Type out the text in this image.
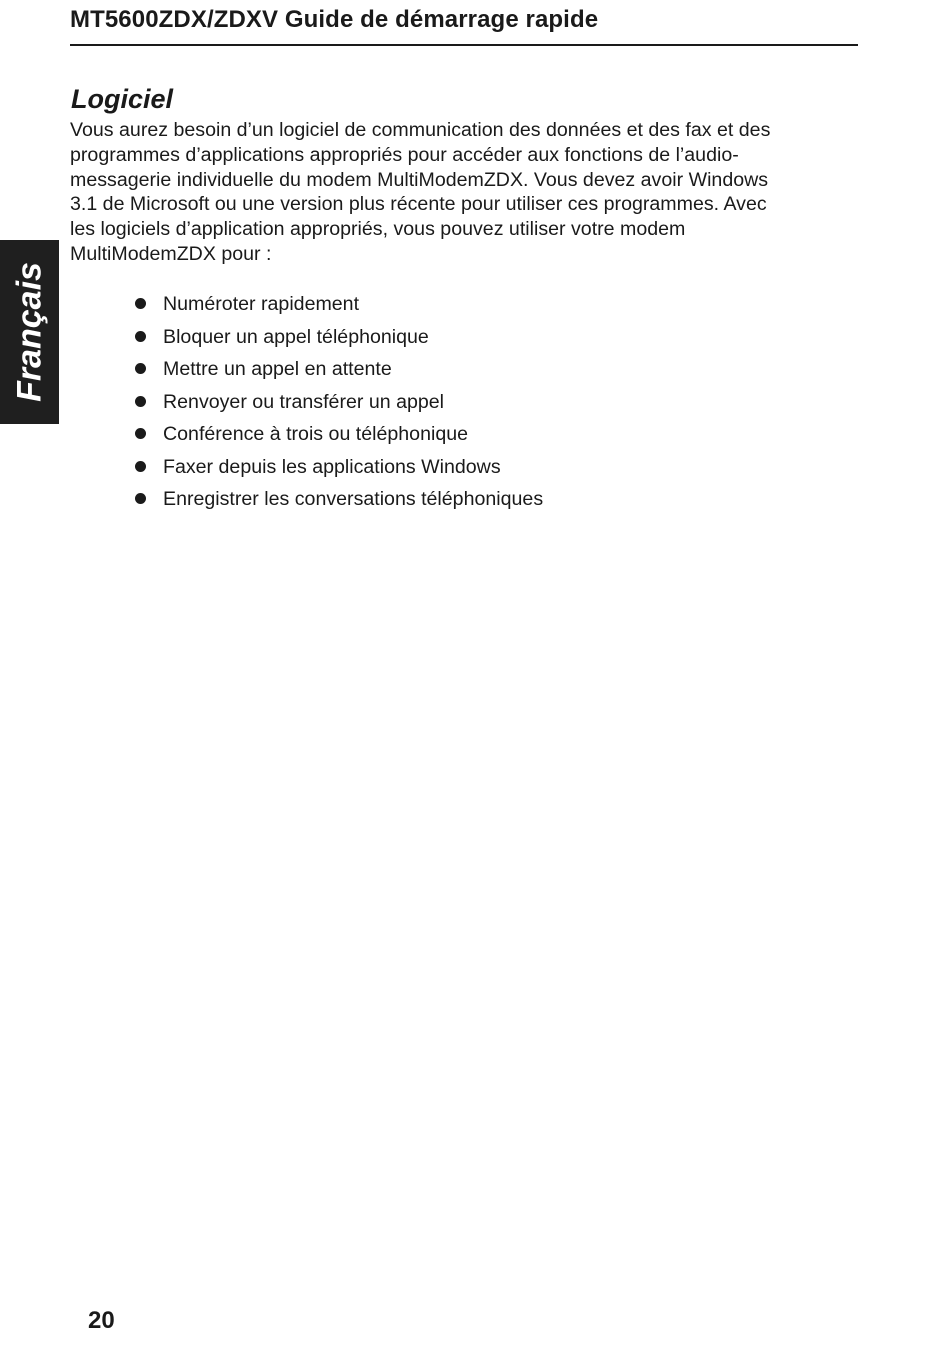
MT5600ZDX/ZDXV Guide de démarrage rapide
Français
Logiciel
Vous aurez besoin d’un logiciel de communication des données et des fax et des
programmes d’applications appropriés pour accéder aux fonctions de l’audio-
messagerie individuelle du modem MultiModemZDX. Vous devez avoir Windows
3.1 de Microsoft ou une version plus récente pour utiliser ces programmes. Avec
les logiciels d’application appropriés, vous pouvez utiliser votre modem
MultiModemZDX pour :
Numéroter rapidement
Bloquer un appel téléphonique
Mettre un appel en attente
Renvoyer ou transférer un appel
Conférence à trois ou téléphonique
Faxer depuis les applications Windows
Enregistrer les conversations téléphoniques
20
